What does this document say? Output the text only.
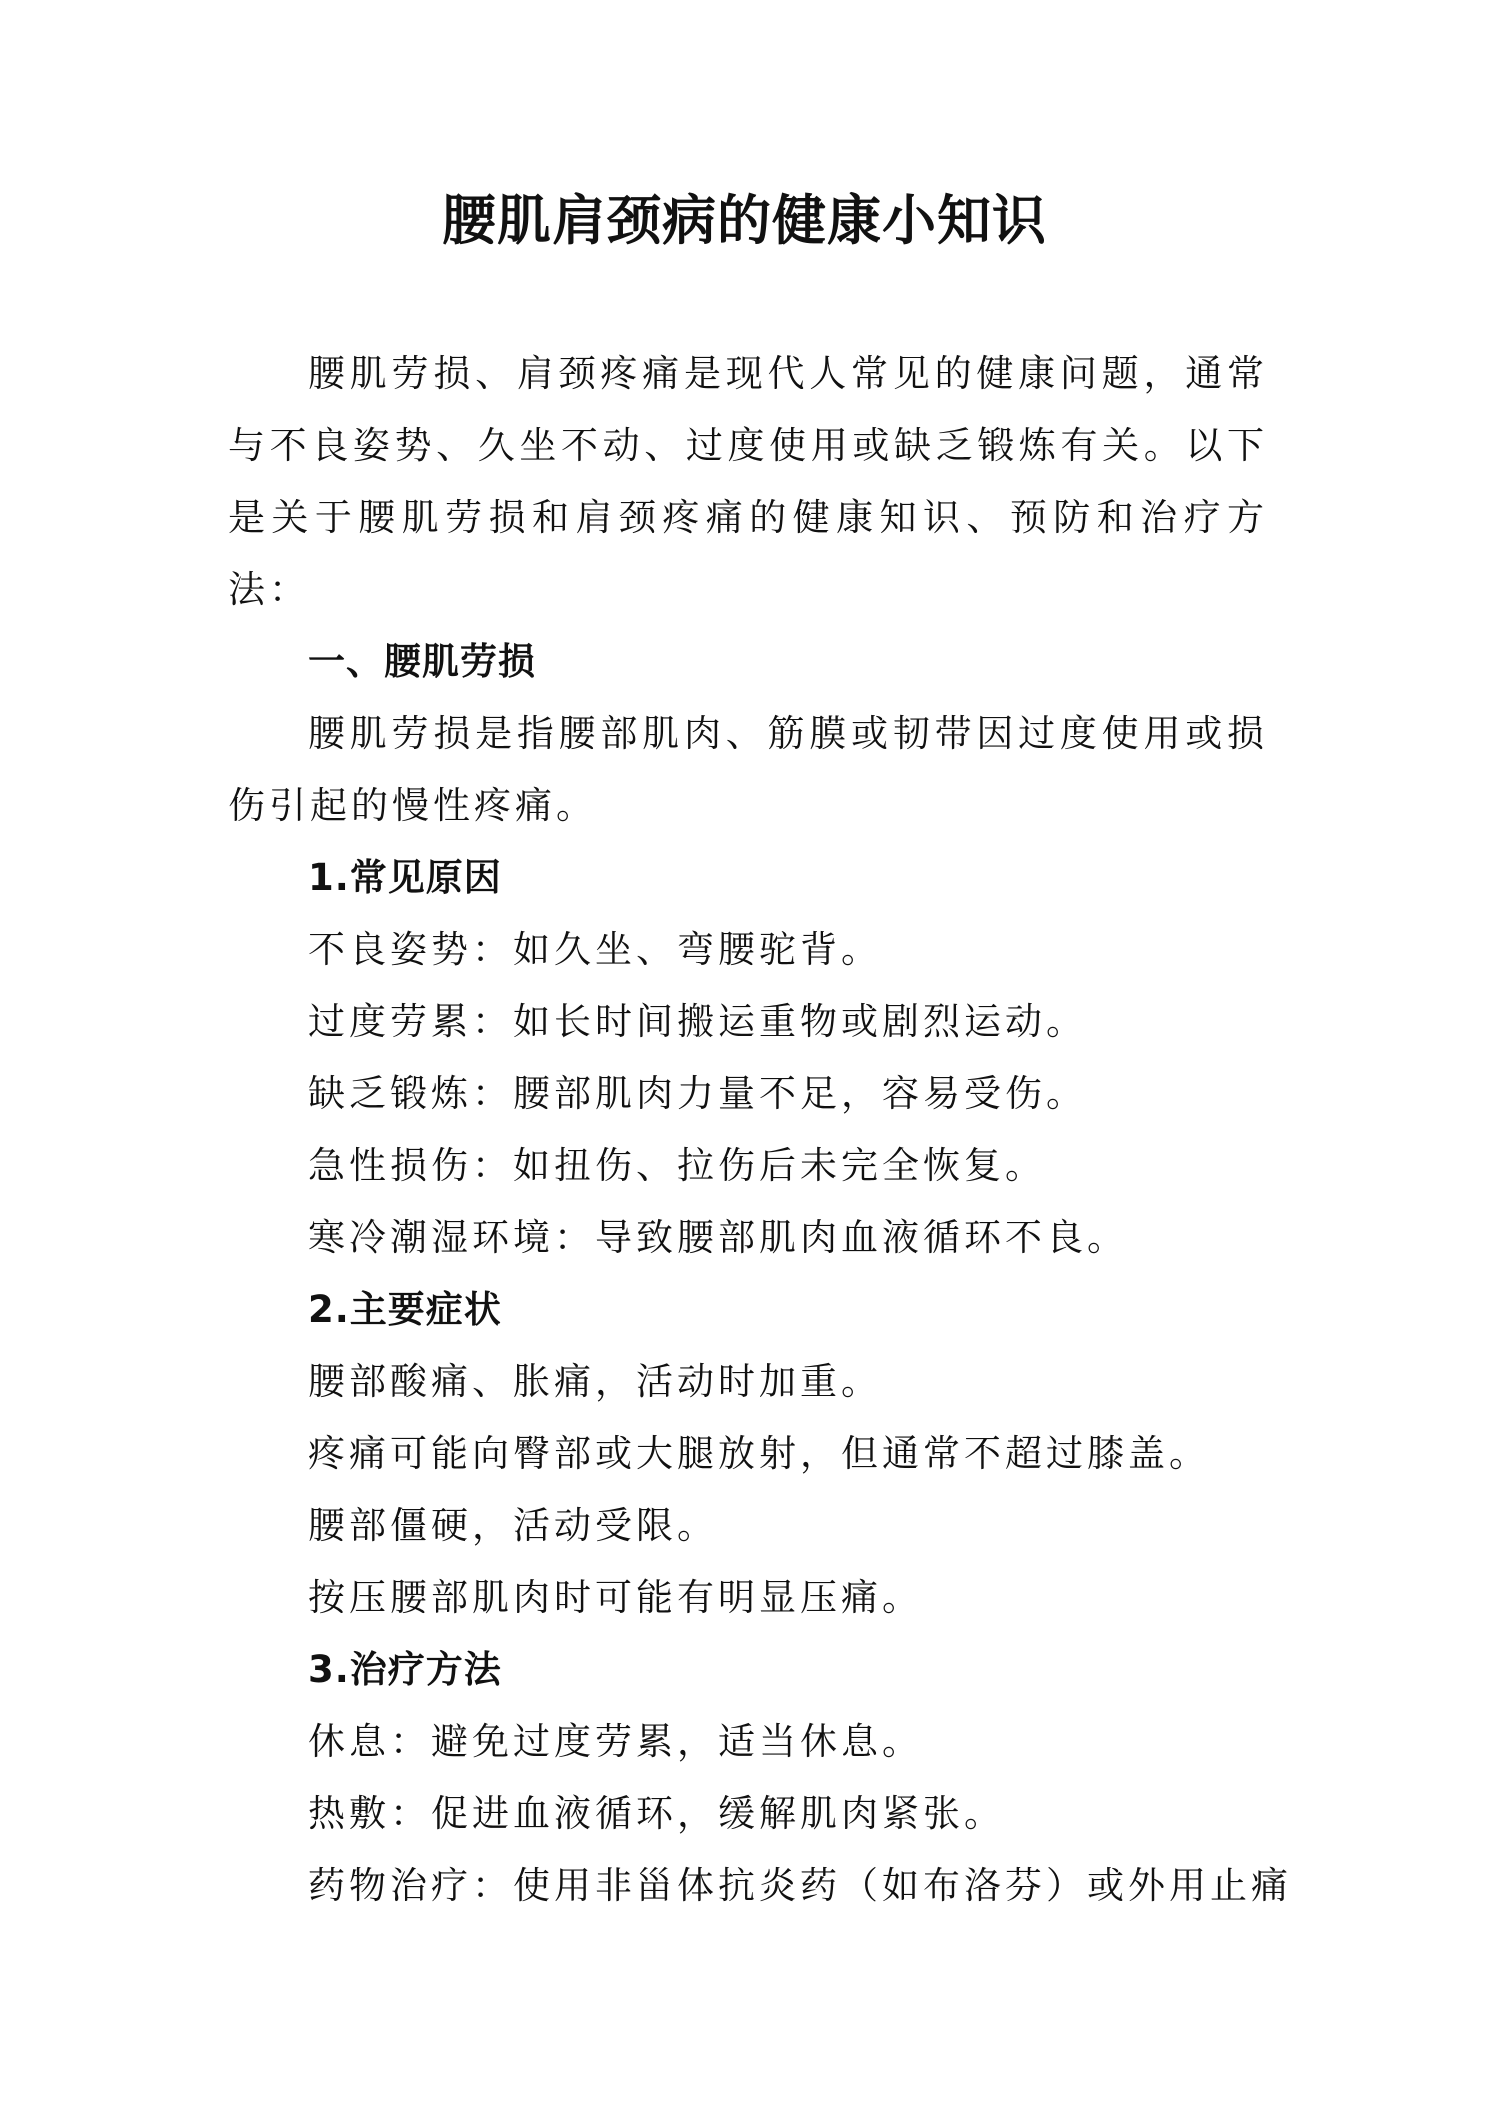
腰肌肩颈病的健康小知识

腰肌劳损、肩颈疼痛是现代人常见的健康问题，通常与不良姿势、久坐不动、过度使用或缺乏锻炼有关。以下是关于腰肌劳损和肩颈疼痛的健康知识、预防和治疗方法：

一、腰肌劳损

腰肌劳损是指腰部肌肉、筋膜或韧带因过度使用或损伤引起的慢性疼痛。

1.常见原因
不良姿势：如久坐、弯腰驼背。
过度劳累：如长时间搬运重物或剧烈运动。
缺乏锻炼：腰部肌肉力量不足，容易受伤。
急性损伤：如扭伤、拉伤后未完全恢复。
寒冷潮湿环境：导致腰部肌肉血液循环不良。
2.主要症状
腰部酸痛、胀痛，活动时加重。
疼痛可能向臀部或大腿放射，但通常不超过膝盖。
腰部僵硬，活动受限。
按压腰部肌肉时可能有明显压痛。
3.治疗方法
休息：避免过度劳累，适当休息。
热敷：促进血液循环，缓解肌肉紧张。
药物治疗：使用非甾体抗炎药（如布洛芬）或外用止痛
